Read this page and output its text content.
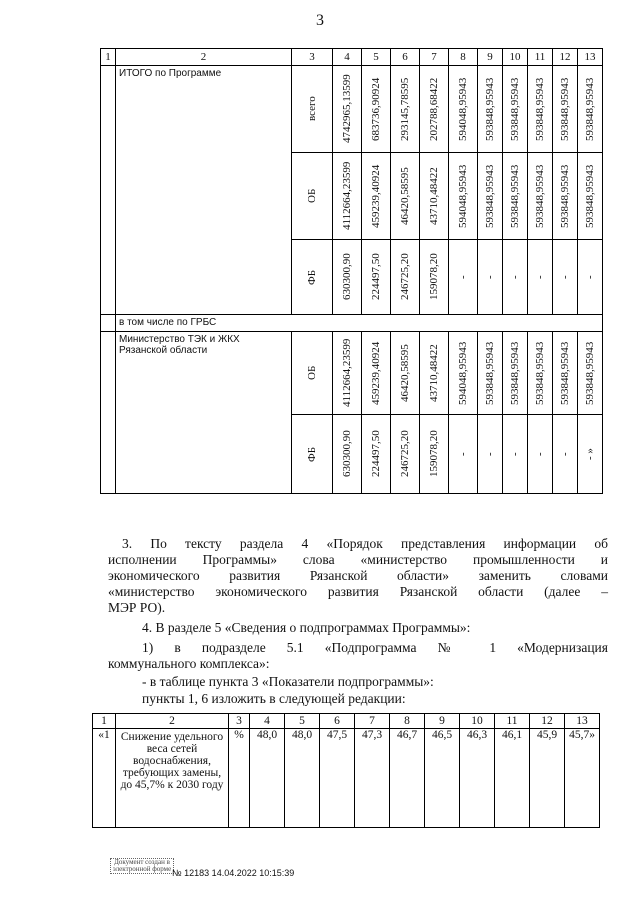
3
1	2	3	4	5	6	7	8	9	10	11	12	13
	ИТОГО по Программе	всего	4742965,13599	683736,90924	293145,78595	202788,68422	594048,95943	593848,95943	593848,95943	593848,95943	593848,95943	593848,95943

ОБ	4112664,23599	459239,40924	46420,58595	43710,48422	594048,95943	593848,95943	593848,95943	593848,95943	593848,95943	593848,95943

ФБ	630300,90	224497,50	246725,20	159078,20	-	-	-	-	-	-

	в том числе по ГРБС											
	Министерство ТЭК и ЖКХ Рязанской области	ОБ	4112664,23599	459239,40924	46420,58595	43710,48422	594048,95943	593848,95943	593848,95943	593848,95943	593848,95943	593848,95943

ФБ	630300,90	224497,50	246725,20	159078,20	-	-	-	-	-	- »
3. По тексту раздела 4 «Порядок представления информации об
исполнении Программы» слова «министерство промышленности и
экономического развития Рязанской области» заменить словами
«министерство экономического развития Рязанской области (далее –
МЭР РО).
4. В разделе 5 «Сведения о подпрограммах Программы»:
1) в подразделе 5.1 «Подпрограмма № 1 «Модернизация
коммунального комплекса»:
- в таблице пункта 3 «Показатели подпрограммы»:
пункты 1, 6 изложить в следующей редакции:
1	2	3	4	5	6	7	8	9	10	11	12	13
«1	Снижение удельного веса сетей водоснабжения, требующих замены, до 45,7% к 2030 году	%	48,0	48,0	47,5	47,3	46,7	46,5	46,3	46,1	45,9	45,7»
Документ создан в электронной форме № 12183 14.04.2022 10:15:39
